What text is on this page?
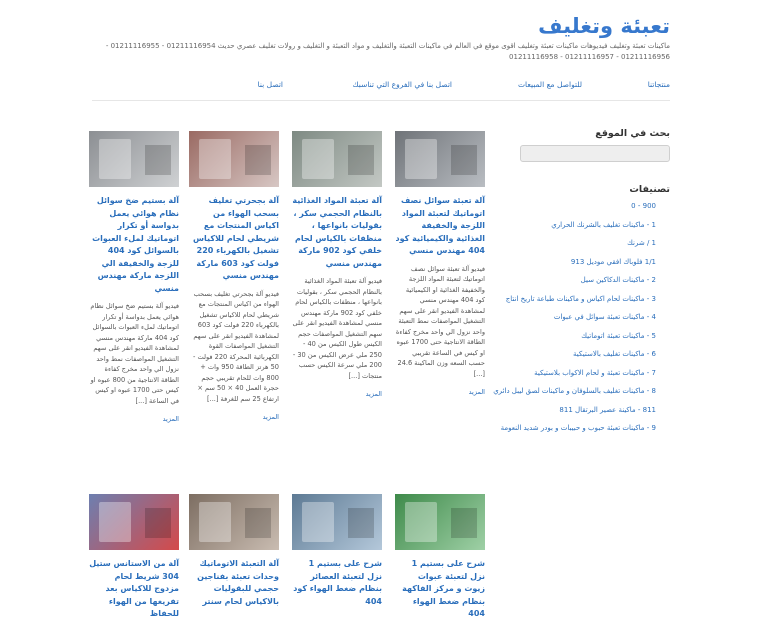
تعبئة وتغليف
ماكينات تعبئة وتغليف فيديوهات ماكينات تعبئة وتغليف اقوى موقع في العالم في ماكينات التعبئة والتغليف و مواد التعبئة و التغليف و رولات تغليف عصري حديث 01211116954 - 01211116955 - 01211116956 - 01211116957 - 01211116958
منتجاتنا
للتواصل مع المبيعات
اتصل بنا في الفروع التي تناسبك
اتصل بنا
بحث في الموقع
تصنيفات
900 - 0
1 - ماكينات تغليف بالشرنك الحراري
1 / شرنك
1/1 فلوباك افقي موديل 913
2 - ماكينات الدكاكين سيل
3 - ماكينات لحام اكياس و ماكينات طباعة تاريخ انتاج
4 - ماكينات تعبئة سوائل في عبوات
5 - ماكينات تعبئة اتوماتيك
6 - ماكينات تغليف بالاستيكية
7 - ماكينات تعبئة و لحام الاكواب بلاستيكية
8 - ماكينات تغليف بالسلوفان و ماكينات لصق ليبل دائري
811 - ماكينة عصير البرتقال 811
9 - ماكينات تعبئة حبوب و حبيبات و بودر شديد النعومة
آلة تعبئة سوائل نصف اتوماتيك لتعبئة المواد اللزجة والخفيفة الغذائية والكيميائية كود 404 مهندس منسي

فيديو آلة تعبئة سوائل نصف اتوماتيك لتعبئة المواد اللزجة والخفيفة الغذائية او الكيميائية كود 404 مهندس منسي لمشاهدة الفيديو انقر على سهم التشغيل المواصفات نمط التعبئة واحد نزول الي واحد مخرج كفاءة الطاقة الانتاجية حتى 1700 عبوه او كيس في الساعة تقريبي حسب السعه وزن الماكينة 24.6 [...]

المزيد
آلة تعبئة المواد الغذائية بالنظام الحجمي سكر ، بقوليات بانواعها ، منظفات بالكياس لحام خلفي كود 902 ماركة مهندس منسي

فيديو آلة تعبئة المواد الغذائية بالنظام الحجمي سكر ، بقوليات بانواعها ، منظفات بالكياس لحام خلفي كود 902 ماركة مهندس منسي لمشاهدة الفيديو انقر على سهم التشغيل المواصفات حجم الكيس طول الكيس من 40 - 250 ملي عرض الكيس من 30 - 200 ملي سرعة الكيس حسب منتجات [...]

المزيد
آلة بجحرتي تغليف بسحب الهواء من اكياس المنتجات مع شريطي لحام للاكياس تشغيل بالكهرباء 220 فولت كود 603 ماركة مهندس منسي

فيديو آلة بجحرتي تغليف بسحب الهواء من اكياس المنتجات مع شريطي لحام للاكياس تشغيل بالكهرباء 220 فولت كود 603 لمشاهدة الفيديو انقر على سهم التشغيل المواصفات القوة الكهربائية المحركة 220 فولت - 50 هرتز الطاقة 950 وات + 800 وات للحام تقريبي حجم حجرة العمل 40 × 50 سم × ارتفاع 25 سم للغرفة [...]

المزيد
آلة بستيم ضخ سوائل نظام هوائي يعمل بدواسة أو تكرار اتوماتيك لملء العبوات بالسوائل كود 404 للزجة والخفيفة الي اللزجة ماركة مهندس منسي

فيديو آلة بستيم ضخ سوائل نظام هوائي يعمل بدواسة أو تكرار اتوماتيك لملء العبوات بالسوائل كود 404 ماركة مهندس منسي لمشاهدة الفيديو انقر على سهم التشغيل المواصفات نمط واحد نزول الي واحد مخرج كفاءة الطاقة الانتاجية من 800 عبوه او كيس حتى 1700 عبوه او كيس في الساعة [...]

المزيد
شرح على بستيم 1 نزل لتعبئة عبوات زيوت و مركز الفاكهة بنظام ضغط الهواء 404
شرح على بستيم 1 نزل لتعبئة العصائر بنظام ضغط الهواء كود 404
آلة التعبئة الاتوماتيك وحدات تعبئة بفناجين حجمي للبقوليات بالاكياس لحام سنتر
آلة من الاستانس ستيل 304 شريط لحام مزدوج للاكياس بعد تفريغها من الهواء للحفاظ
